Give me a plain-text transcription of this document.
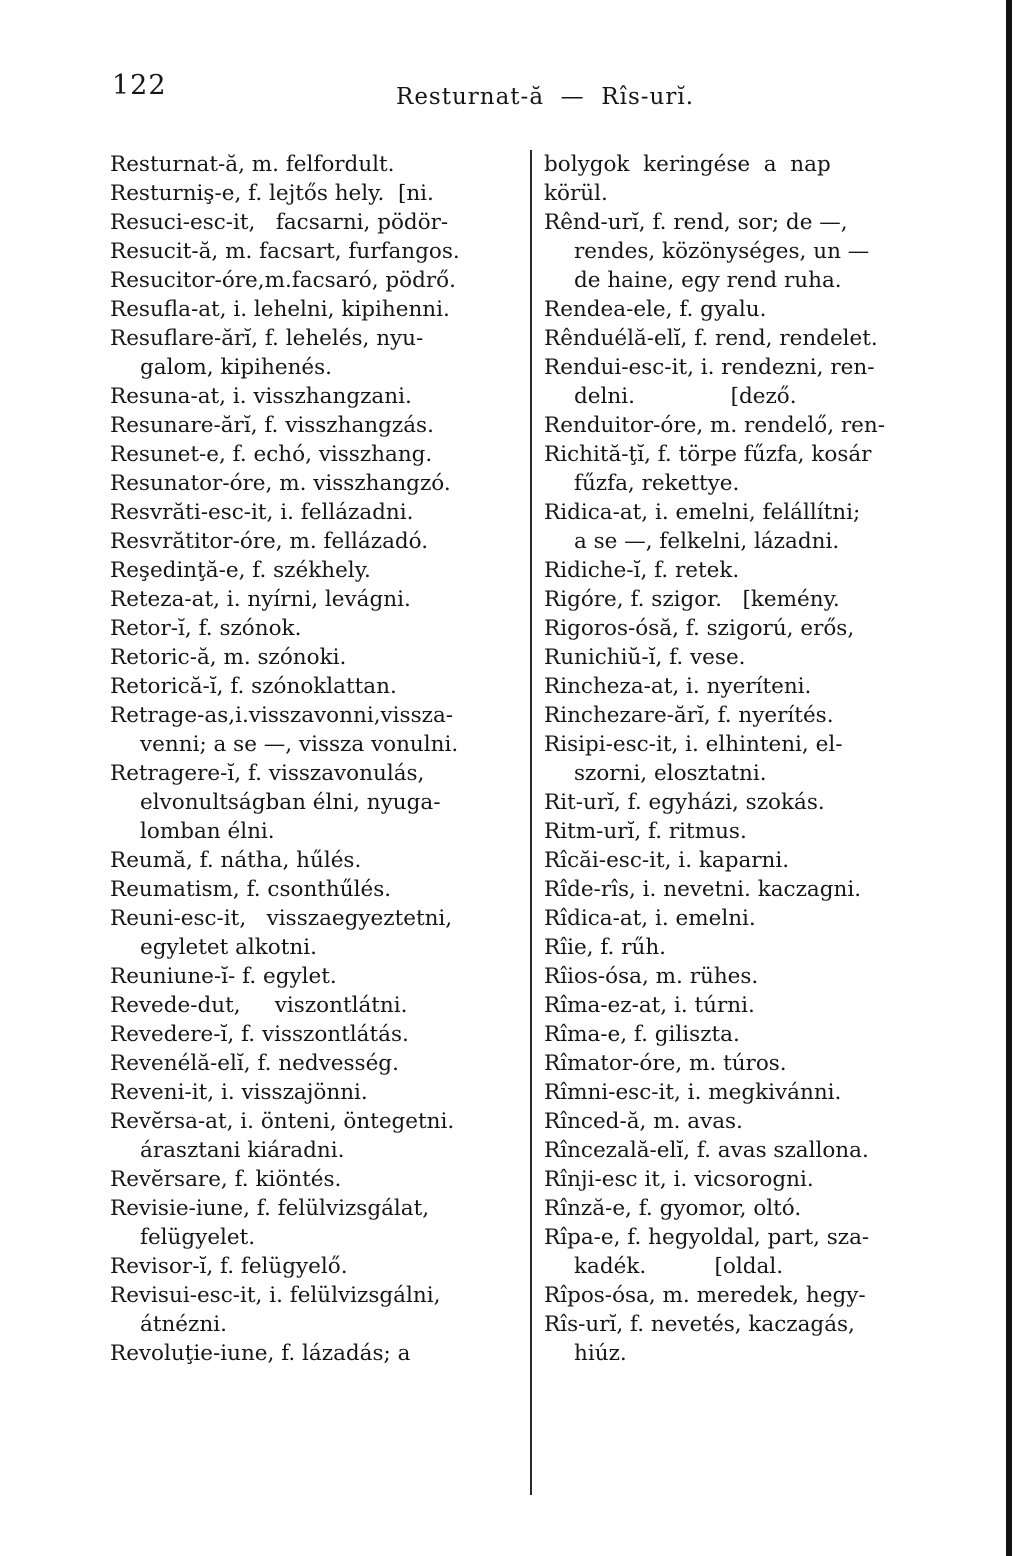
122	Resturnat-ă  —  Rîs-urĭ.
Resturnat-ă, m. felfordult.
Resturniş-e, f. lejtős hely.  [ni.
Resuci-esc-it,   facsarni, pödör-
Resucit-ă, m. facsart, furfangos.
Resucitor-óre,m.facsaró, pödrő.
Resufla-at, i. lehelni, kipihenni.
Resuflare-ărĭ, f. lehelés, nyu-
galom, kipihenés.
Resuna-at, i. visszhangzani.
Resunare-ărĭ, f. visszhangzás.
Resunet-e, f. echó, visszhang.
Resunator-óre, m. visszhangzó.
Resvrăti-esc-it, i. fellázadni.
Resvrătitor-óre, m. fellázadó.
Reşedinţă-e, f. székhely.
Reteza-at, i. nyírni, levágni.
Retor-ĭ, f. szónok.
Retoric-ă, m. szónoki.
Retorică-ĭ, f. szónoklattan.
Retrage-as,i.visszavonni,vissza-
venni; a se —, vissza vonulni.
Retragere-ĭ, f. visszavonulás,
elvonultságban élni, nyuga-
lomban élni.
Reumă, f. nátha, hűlés.
Reumatism, f. csonthűlés.
Reuni-esc-it,   visszaegyeztetni,
egyletet alkotni.
Reuniune-ĭ- f. egylet.
Revede-dut,     viszontlátni.
Revedere-ĭ, f. visszontlátás.
Revenélă-elĭ, f. nedvesség.
Reveni-it, i. visszajönni.
Revĕrsa-at, i. önteni, öntegetni.
árasztani kiáradni.
Revĕrsare, f. kiöntés.
Revisie-iune, f. felülvizsgálat,
felügyelet.
Revisor-ĭ, f. felügyelő.
Revisui-esc-it, i. felülvizsgálni,
átnézni.
Revoluţie-iune, f. lázadás; a
bolygok  keringése  a  nap
körül.
Rênd-urĭ, f. rend, sor; de —,
rendes, közönységes, un —
de haine, egy rend ruha.
Rendea-ele, f. gyalu.
Rênduélă-elĭ, f. rend, rendelet.
Rendui-esc-it, i. rendezni, ren-
delni.              [dező.
Renduitor-óre, m. rendelő, ren-
Richită-ţĭ, f. törpe fűzfa, kosár
fűzfa, rekettye.
Ridica-at, i. emelni, felállítni;
a se —, felkelni, lázadni.
Ridiche-ĭ, f. retek.
Rigóre, f. szigor.   [kemény.
Rigoros-ósă, f. szigorú, erős,
Runichiŭ-ĭ, f. vese.
Rincheza-at, i. nyeríteni.
Rinchezare-ărĭ, f. nyerítés.
Risipi-esc-it, i. elhinteni, el-
szorni, elosztatni.
Rit-urĭ, f. egyházi, szokás.
Ritm-urĭ, f. ritmus.
Rîcăi-esc-it, i. kaparni.
Rîde-rîs, i. nevetni. kaczagni.
Rîdica-at, i. emelni.
Rîie, f. rűh.
Rîios-ósa, m. rühes.
Rîma-ez-at, i. túrni.
Rîma-e, f. giliszta.
Rîmator-óre, m. túros.
Rîmni-esc-it, i. megkivánni.
Rînced-ă, m. avas.
Rîncezală-elĭ, f. avas szallona.
Rînji-esc it, i. vicsorogni.
Rînză-e, f. gyomor, oltó.
Rîpa-e, f. hegyoldal, part, sza-
kadék.          [oldal.
Rîpos-ósa, m. meredek, hegy-
Rîs-urĭ, f. nevetés, kaczagás,
hiúz.
